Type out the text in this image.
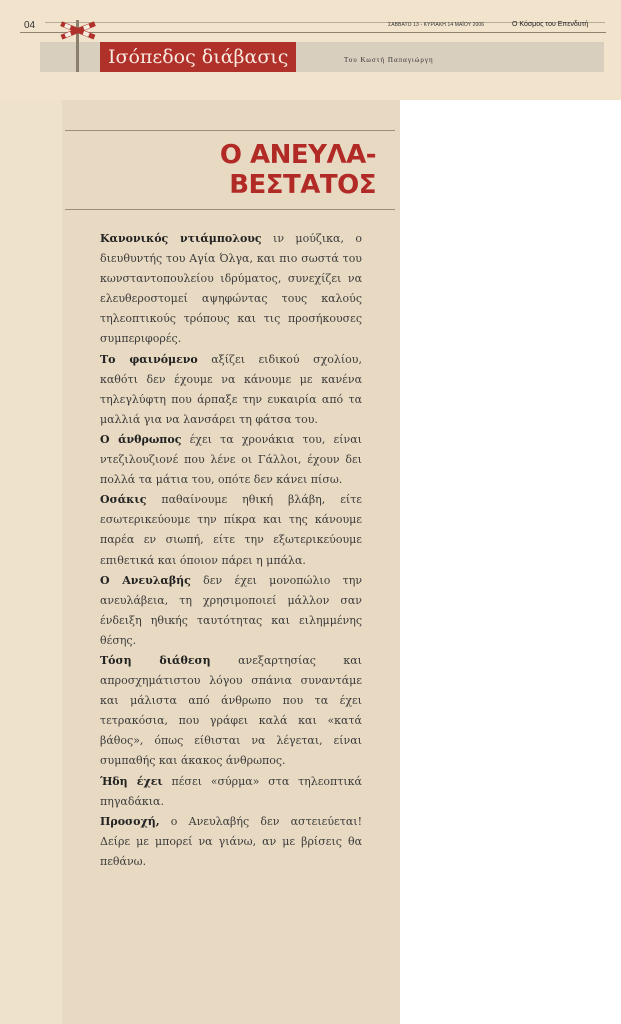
04	ΣΑΒΒΑΤΟ 13 - ΚΥΡΙΑΚΗ 14 ΜΑΪΟΥ 2006	Ο Κόσμος του Επενδυτή
Ισόπεδος διάβασις	Του Κωστή Παπαγιώργη
Ο ΑΝΕΥΛΑ-
ΒΕΣΤΑΤΟΣ

Κανονικός ντιάμπολους ιν μούζικα, ο διευθυντής του Αγία Όλγα, και πιο σωστά του κωνσταντοπουλείου ιδρύματος, συνεχίζει να ελευθεροστομεί αψηφώντας τους καλούς τηλεοπτικούς τρόπους και τις προσήκουσες συμπεριφορές.

Το φαινόμενο αξίζει ειδικού σχολίου, καθότι δεν έχουμε να κάνουμε με κανένα τηλεγλύφτη που άρπαξε την ευκαιρία από τα μαλλιά για να λανσάρει τη φάτσα του.

Ο άνθρωπος έχει τα χρονάκια του, είναι ντεζιλουζιονέ που λένε οι Γάλλοι, έχουν δει πολλά τα μάτια του, οπότε δεν κάνει πίσω.

Οσάκις παθαίνουμε ηθική βλάβη, είτε εσωτερικεύουμε την πίκρα και της κάνουμε παρέα εν σιωπή, είτε την εξωτερικεύουμε επιθετικά και όποιον πάρει η μπάλα.

Ο Ανευλαβής δεν έχει μονοπώλιο την ανευλάβεια, τη χρησιμοποιεί μάλλον σαν ένδειξη ηθικής ταυτότητας και ειλημμένης θέσης.

Τόση διάθεση ανεξαρτησίας και απροσχημάτιστου λόγου σπάνια συναντάμε και μάλιστα από άνθρωπο που τα έχει τετρακόσια, που γράφει καλά και «κατά βάθος», όπως είθισται να λέγεται, είναι συμπαθής και άκακος άνθρωπος.

Ήδη έχει πέσει «σύρμα» στα τηλεοπτικά πηγαδάκια.

Προσοχή, ο Ανευλαβής δεν αστειεύεται! Δείρε με μπορεί να γιάνω, αν με βρίσεις θα πεθάνω.
